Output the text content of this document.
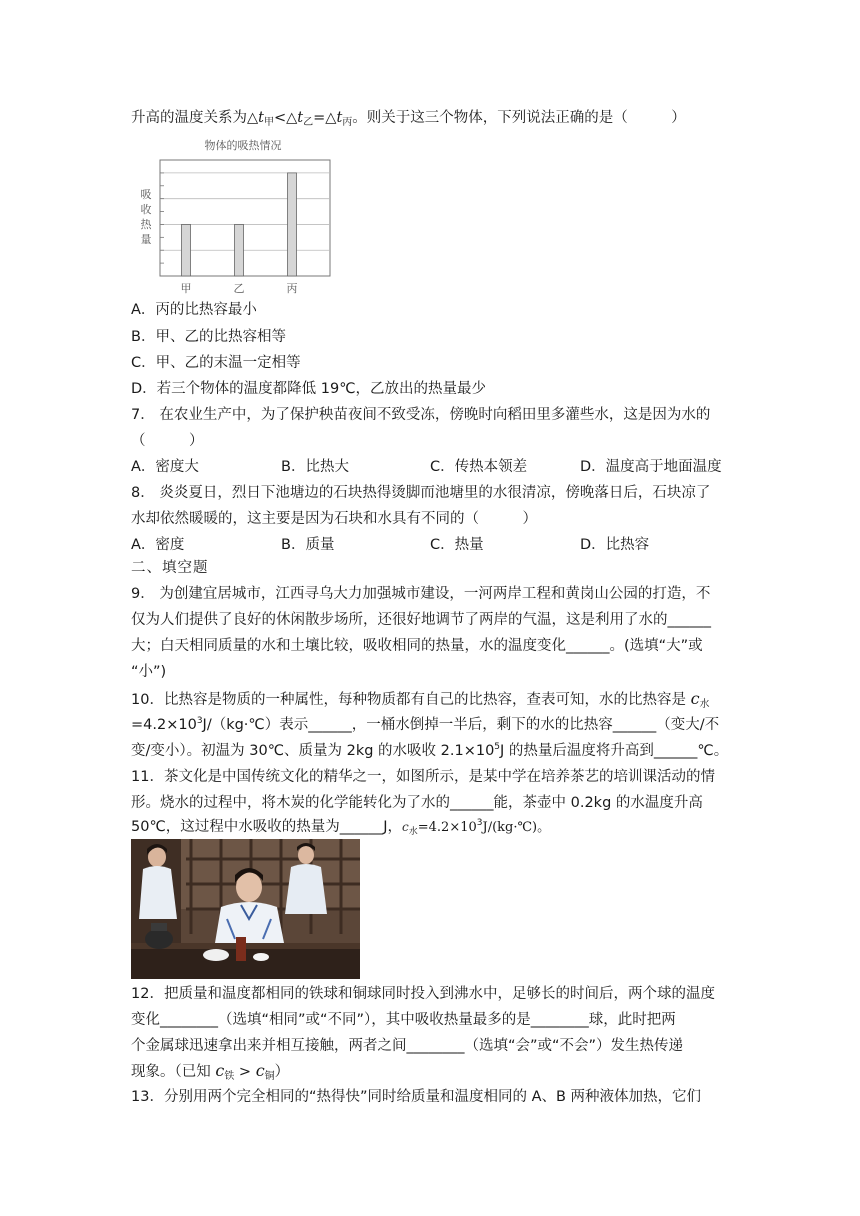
升高的温度关系为$\triangle t_甲<\triangle t_乙=\triangle t_丙$。则关于这三个物体，下列说法正确的是（　　　）
物体的吸热情况
吸
收
热
量
甲	乙	丙
A．丙的比热容最小
B．甲、乙的比热容相等
C．甲、乙的末温一定相等
D．若三个物体的温度都降低 19℃，乙放出的热量最少
7． 在农业生产中，为了保护秧苗夜间不致受冻，傍晚时向稻田里多灌些水，这是因为水的
（　　　）
A．密度大	B．比热大	C．传热本领差	D．温度高于地面温度
8． 炎炎夏日，烈日下池塘边的石块热得烫脚而池塘里的水很清凉，傍晚落日后，石块凉了
水却依然暖暖的，这主要是因为石块和水具有不同的（　　　）
A．密度	B．质量	C．热量	D．比热容
二、填空题
9． 为创建宜居城市，江西寻乌大力加强城市建设，一河两岸工程和黄岗山公园的打造，不
仅为人们提供了良好的休闲散步场所，还很好地调节了两岸的气温，这是利用了水的______
大；白天相同质量的水和土壤比较，吸收相同的热量，水的温度变化______。(选填“大”或
“小”)
10．比热容是物质的一种属性，每种物质都有自己的比热容，查表可知，水的比热容是 $c_水$
$=4.2\times 10^3J/(kg\cdot℃)$表示______，一桶水倒掉一半后，剩下的水的比热容______（变大/不
变/变小）。初温为 30℃、质量为 2kg 的水吸收 $2.1\times 10^5J$ 的热量后温度将升高到______℃。
11．茶文化是中国传统文化的精华之一，如图所示，是某中学在培养茶艺的培训课活动的情
形。烧水的过程中，将木炭的化学能转化为了水的______能，茶壶中 0.2kg 的水温度升高
50℃，这过程中水吸收的热量为______J，$c_水=4.2\times 10^3J/(kg\cdot℃)$。
12．把质量和温度都相同的铁球和铜球同时投入到沸水中，足够长的时间后，两个球的温度
变化________（选填“相同”或“不同”），其中吸收热量最多的是________球，此时把两
个金属球迅速拿出来并相互接触，两者之间________（选填“会”或“不会”）发生热传递
现象。（已知 $c_铁 > c_铜$）
13．分别用两个完全相同的“热得快”同时给质量和温度相同的 A、B 两种液体加热，它们
